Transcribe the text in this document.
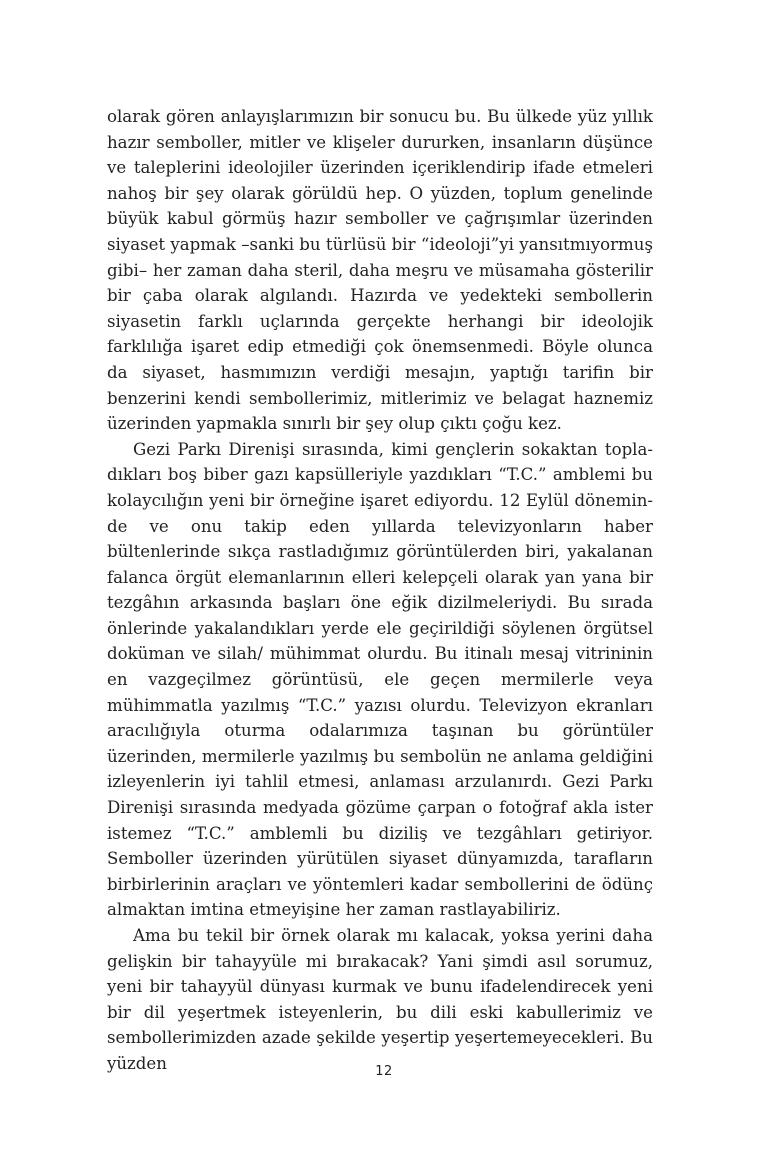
olarak gören anlayışlarımızın bir sonucu bu. Bu ülkede yüz yıllık hazır semboller, mitler ve klişeler dururken, insanların düşünce ve taleplerini ideolojiler üzerinden içeriklendirip ifade etmeleri nahoş bir şey olarak görüldü hep. O yüzden, toplum genelinde büyük kabul görmüş hazır semboller ve çağrışımlar üzerinden siyaset yapmak –sanki bu türlüsü bir “ideoloji”yi yansıtmıyormuş gibi– her zaman daha steril, daha meşru ve müsamaha gösterilir bir çaba olarak algılandı. Hazırda ve yedekteki sembollerin siyasetin farklı uçlarında gerçekte herhangi bir ideolojik farklılığa işaret edip etmediği çok önemsenmedi. Böyle olunca da siyaset, hasmımızın verdiği mesajın, yaptığı tarifin bir benzerini kendi sembollerimiz, mitlerimiz ve belagat haznemiz üzerinden yapmakla sınırlı bir şey olup çıktı çoğu kez.

Gezi Parkı Direnişi sırasında, kimi gençlerin sokaktan topladıkları boş biber gazı kapsülleriyle yazdıkları “T.C.” amblemi bu kolaycılığın yeni bir örneğine işaret ediyordu. 12 Eylül döneminde ve onu takip eden yıllarda televizyonların haber bültenlerinde sıkça rastladığımız görüntülerden biri, yakalanan falanca örgüt elemanlarının elleri kelepçeli olarak yan yana bir tezgâhın arkasında başları öne eğik dizilmeleriydi. Bu sırada önlerinde yakalandıkları yerde ele geçirildiği söylenen örgütsel doküman ve silah/ mühimmat olurdu. Bu itinalı mesaj vitrininin en vazgeçilmez görüntüsü, ele geçen mermilerle veya mühimmatla yazılmış “T.C.” yazısı olurdu. Televizyon ekranları aracılığıyla oturma odalarımıza taşınan bu görüntüler üzerinden, mermilerle yazılmış bu sembolün ne anlama geldiğini izleyenlerin iyi tahlil etmesi, anlaması arzulanırdı. Gezi Parkı Direnişi sırasında medyada gözüme çarpan o fotoğraf akla ister istemez “T.C.” amblemli bu diziliş ve tezgâhları getiriyor. Semboller üzerinden yürütülen siyaset dünyamızda, tarafların birbirlerinin araçları ve yöntemleri kadar sembollerini de ödünç almaktan imtina etmeyişine her zaman rastlayabiliriz.

Ama bu tekil bir örnek olarak mı kalacak, yoksa yerini daha gelişkin bir tahayyüle mi bırakacak? Yani şimdi asıl sorumuz, yeni bir tahayyül dünyası kurmak ve bunu ifadelendirecek yeni bir dil yeşertmek isteyenlerin, bu dili eski kabullerimiz ve sembollerimizden azade şekilde yeşertip yeşertemeyecekleri. Bu yüzden	12
